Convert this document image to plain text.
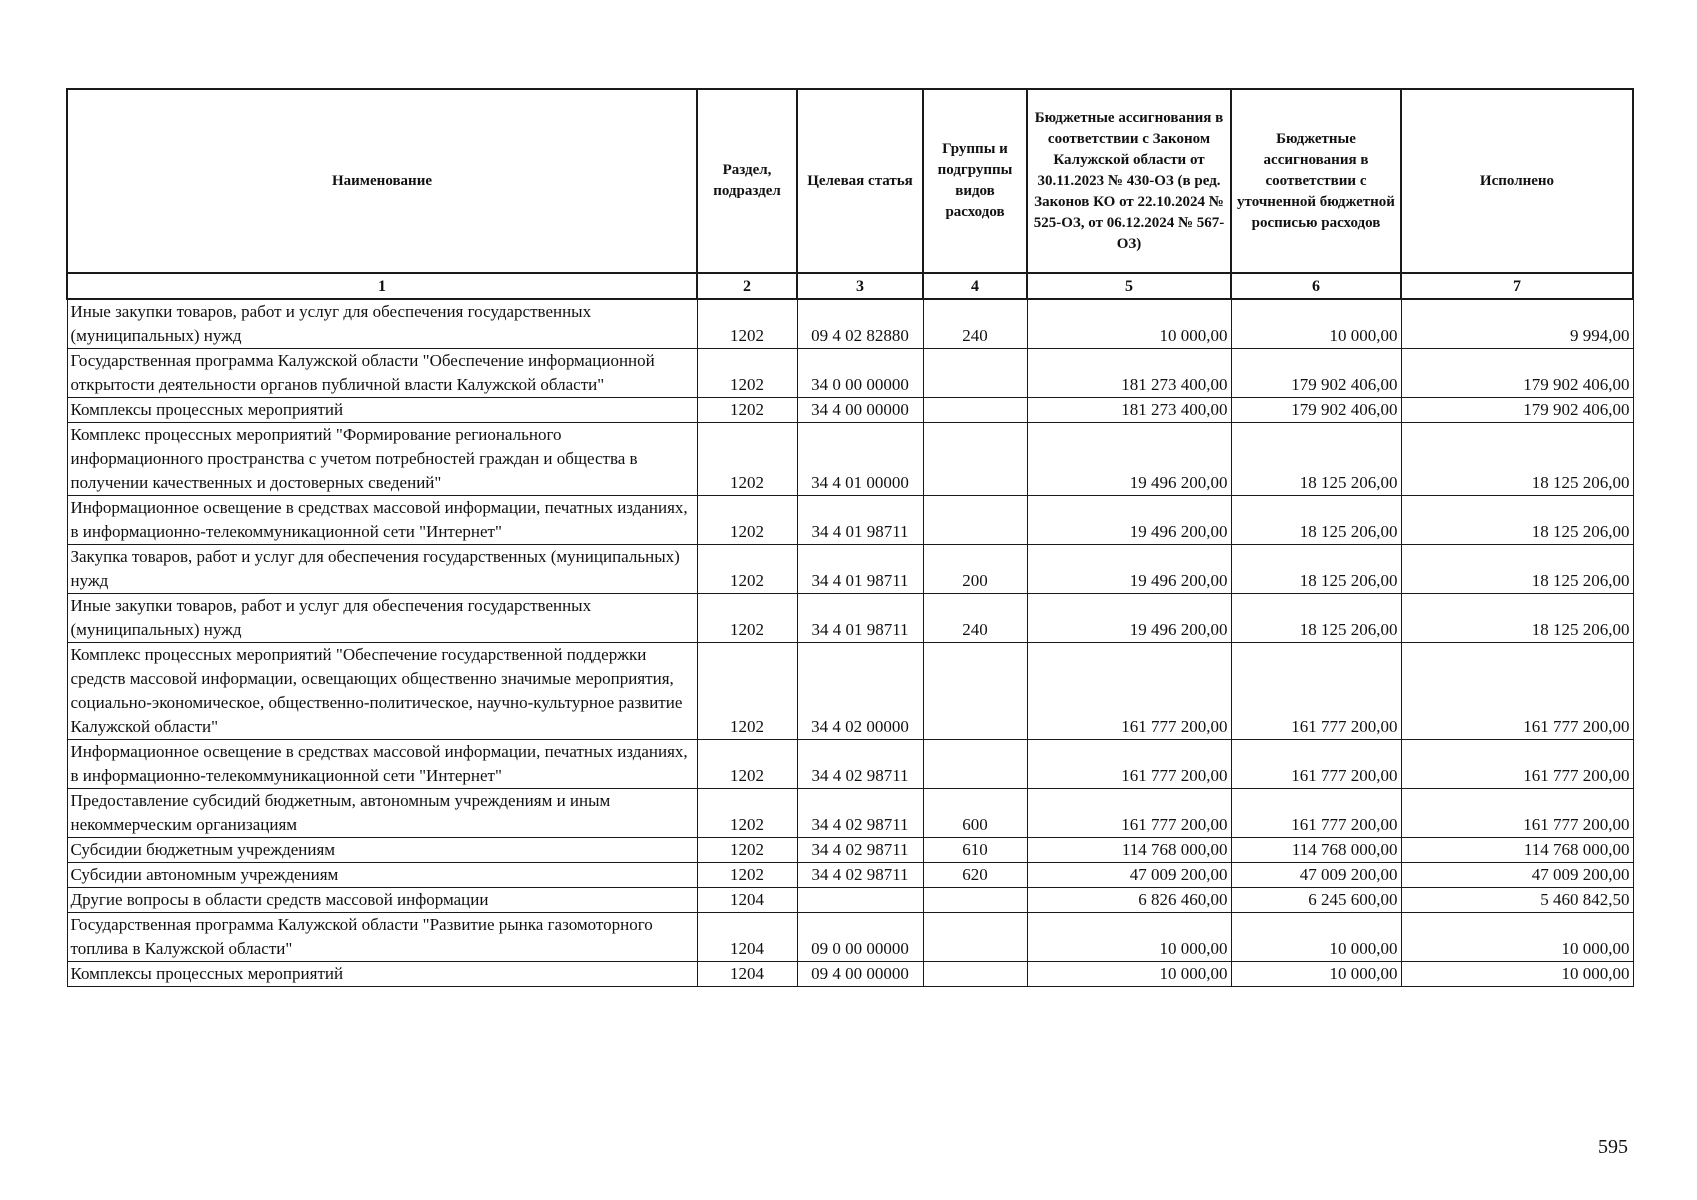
Наименование	Раздел, подраздел	Целевая статья	Группы и подгруппы видов расходов	Бюджетные ассигнования в соответствии с Законом Калужской области от 30.11.2023 № 430-ОЗ (в ред. Законов КО от 22.10.2024 № 525-ОЗ, от 06.12.2024 № 567-ОЗ)	Бюджетные ассигнования в соответствии с уточненной бюджетной росписью расходов	Исполнено
1	2	3	4	5	6	7
Иные закупки товаров, работ и услуг для обеспечения государственных (муниципальных) нужд	1202	09 4 02 82880	240	10 000,00	10 000,00	9 994,00
Государственная программа Калужской области "Обеспечение информационной открытости деятельности органов публичной власти Калужской области"	1202	34 0 00 00000		181 273 400,00	179 902 406,00	179 902 406,00
Комплексы процессных мероприятий	1202	34 4 00 00000		181 273 400,00	179 902 406,00	179 902 406,00
Комплекс процессных мероприятий "Формирование регионального информационного пространства с учетом потребностей граждан и общества в получении качественных и достоверных сведений"	1202	34 4 01 00000		19 496 200,00	18 125 206,00	18 125 206,00
Информационное освещение в средствах массовой информации, печатных изданиях, в информационно-телекоммуникационной сети "Интернет"	1202	34 4 01 98711		19 496 200,00	18 125 206,00	18 125 206,00
Закупка товаров, работ и услуг для обеспечения государственных (муниципальных) нужд	1202	34 4 01 98711	200	19 496 200,00	18 125 206,00	18 125 206,00
Иные закупки товаров, работ и услуг для обеспечения государственных (муниципальных) нужд	1202	34 4 01 98711	240	19 496 200,00	18 125 206,00	18 125 206,00
Комплекс процессных мероприятий "Обеспечение государственной поддержки средств массовой информации, освещающих общественно значимые мероприятия, социально-экономическое, общественно-политическое, научно-культурное развитие Калужской области"	1202	34 4 02 00000		161 777 200,00	161 777 200,00	161 777 200,00
Информационное освещение в средствах массовой информации, печатных изданиях, в информационно-телекоммуникационной сети "Интернет"	1202	34 4 02 98711		161 777 200,00	161 777 200,00	161 777 200,00
Предоставление субсидий бюджетным, автономным учреждениям и иным некоммерческим организациям	1202	34 4 02 98711	600	161 777 200,00	161 777 200,00	161 777 200,00
Субсидии бюджетным учреждениям	1202	34 4 02 98711	610	114 768 000,00	114 768 000,00	114 768 000,00
Субсидии автономным учреждениям	1202	34 4 02 98711	620	47 009 200,00	47 009 200,00	47 009 200,00
Другие вопросы в области средств массовой информации	1204			6 826 460,00	6 245 600,00	5 460 842,50
Государственная программа Калужской области "Развитие рынка газомоторного топлива в Калужской области"	1204	09 0 00 00000		10 000,00	10 000,00	10 000,00
Комплексы процессных мероприятий	1204	09 4 00 00000		10 000,00	10 000,00	10 000,00
595
